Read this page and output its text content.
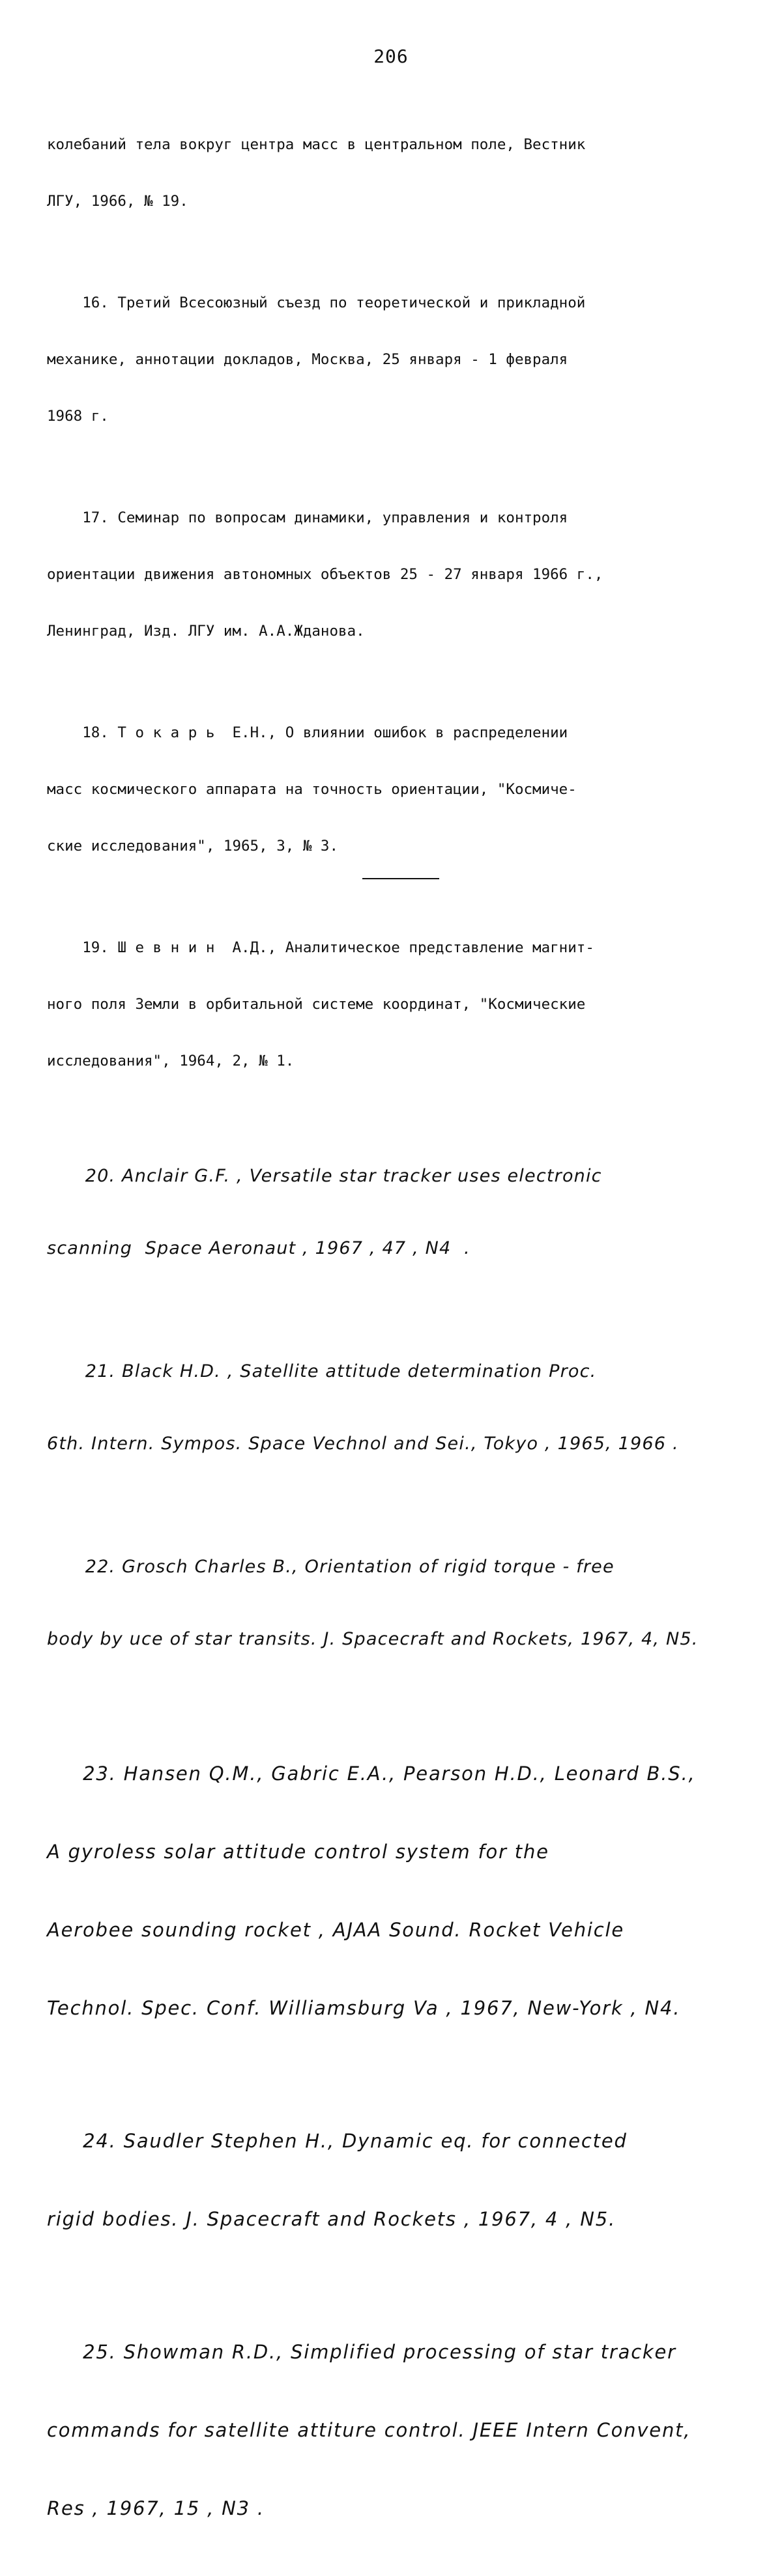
206

колебаний тела вокруг центра масс в центральном поле, Вестник

ЛГУ, 1966, № 19.

16. Третий Всесоюзный съезд по теоретической и прикладной

механике, аннотации докладов, Москва, 25 января - 1 февраля

1968 г.

17. Семинар по вопросам динамики, управления и контроля

ориентации движения автономных объектов 25 - 27 января 1966 г.,

Ленинград, Изд. ЛГУ им. А.А.Жданова.

18. Т о к а р ь  Е.Н., О влиянии ошибок в распределении

масс космического аппарата на точность ориентации, "Космиче-

ские исследования", 1965, 3, № 3.

19. Ш е в н и н  А.Д., Аналитическое представление магнит-

ного поля Земли в орбитальной системе координат, "Космические

исследования", 1964, 2, № 1.

20. Anclair G.F. , Versatile star tracker uses electronic

scanning  Space Aeronaut , 1967 , 47 , N4  .

21. Black H.D. , Satellite attitude determination Proc.

6th. Intern. Sympos. Space Vechnol and Sei., Tokyo , 1965, 1966 .

22. Grosch Charles B., Orientation of rigid torque - free

body by uce of star transits. J. Spacecraft and Rockets, 1967, 4, N5.

23. Hansen Q.M., Gabric E.A., Pearson H.D., Leonard B.S.,

A gyroless solar attitude control system for the

Aerobee sounding rocket , AJAA Sound. Rocket Vehicle

Technol. Spec. Conf. Williamsburg Va , 1967, New-York , N4.

24. Saudler Stephen H., Dynamic eq. for connected

rigid bodies. J. Spacecraft and Rockets , 1967, 4 , N5.

25. Showman R.D., Simplified processing of star tracker

commands for satellite attiture control. JEEE Intern Convent,

Res , 1967, 15 , N3 .
